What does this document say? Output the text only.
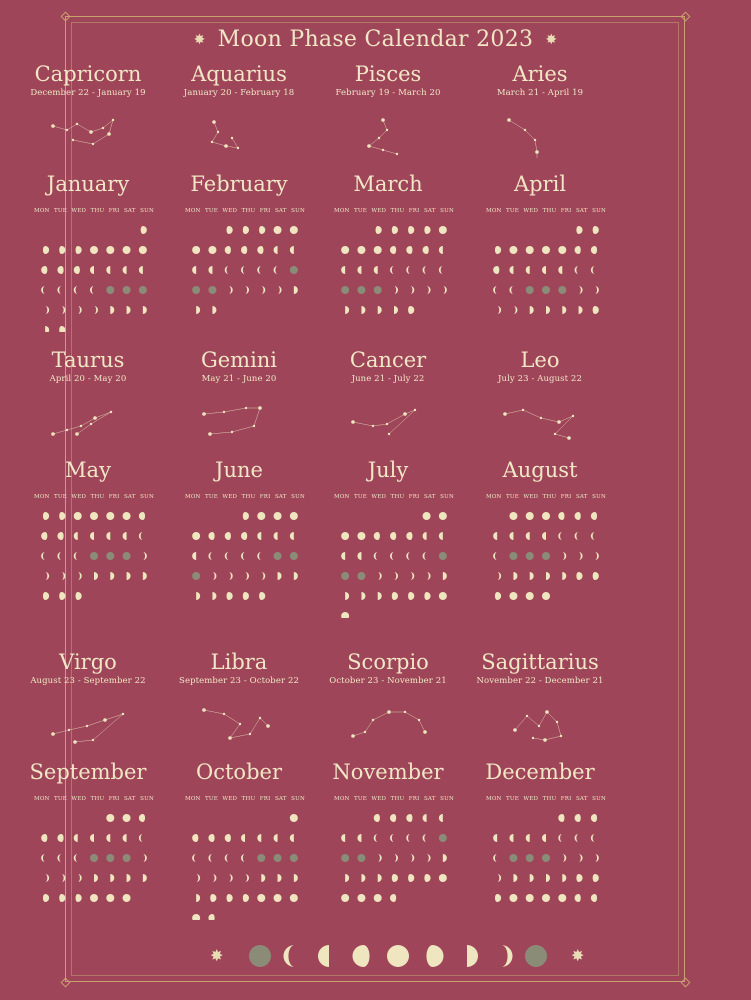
✸ Moon Phase Calendar 2023 ✸
Capricorn
December 22 - January 19
January
MON TUE WED THU FRI SAT SUN
Aquarius
January 20 - February 18
February
MON TUE WED THU FRI SAT SUN
Pisces
February 19 - March 20
March
MON TUE WED THU FRI SAT SUN
Aries
March 21 - April 19
April
MON TUE WED THU FRI SAT SUN
Taurus
April 20 - May 20
May
MON TUE WED THU FRI SAT SUN
Gemini
May 21 - June 20
June
MON TUE WED THU FRI SAT SUN
Cancer
June 21 - July 22
July
MON TUE WED THU FRI SAT SUN
Leo
July 23 - August 22
August
MON TUE WED THU FRI SAT SUN
Virgo
August 23 - September 22
September
MON TUE WED THU FRI SAT SUN
Libra
September 23 - October 22
October
MON TUE WED THU FRI SAT SUN
Scorpio
October 23 - November 21
November
MON TUE WED THU FRI SAT SUN
Sagittarius
November 22 - December 21
December
MON TUE WED THU FRI SAT SUN
✸	✸
